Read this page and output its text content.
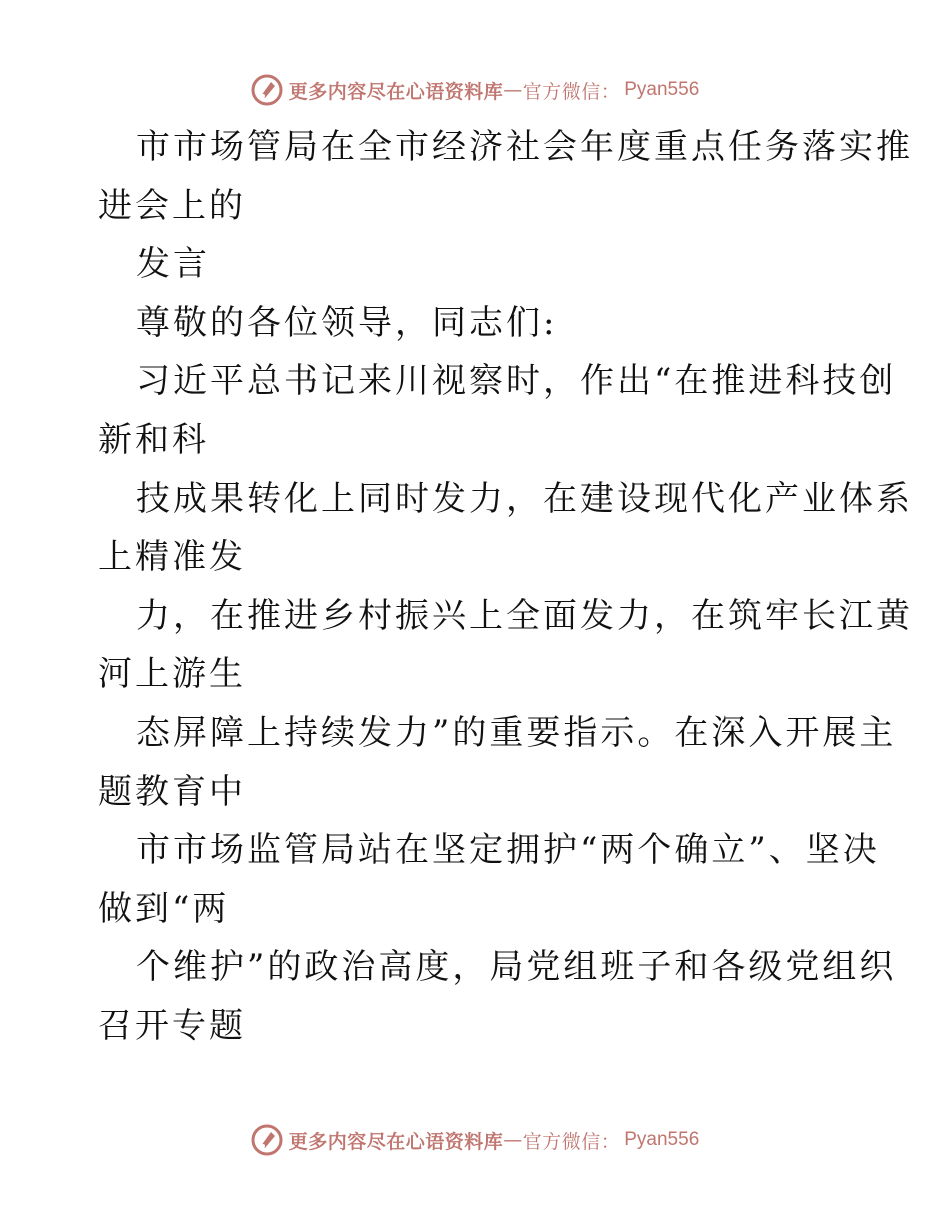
更多内容尽在心语资料库 — 官方微信： Pyan556
市市场管局在全市经济社会年度重点任务落实推
进会上的
发言
尊敬的各位领导，同志们:
习近平总书记来川视察时，作出“在推进科技创
新和科
技成果转化上同时发力，在建设现代化产业体系
上精准发
力，在推进乡村振兴上全面发力，在筑牢长江黄
河上游生
态屏障上持续发力”的重要指示。在深入开展主
题教育中
市市场监管局站在坚定拥护“两个确立”、坚决
做到“两
个维护”的政治高度，局党组班子和各级党组织
召开专题
更多内容尽在心语资料库 — 官方微信： Pyan556
